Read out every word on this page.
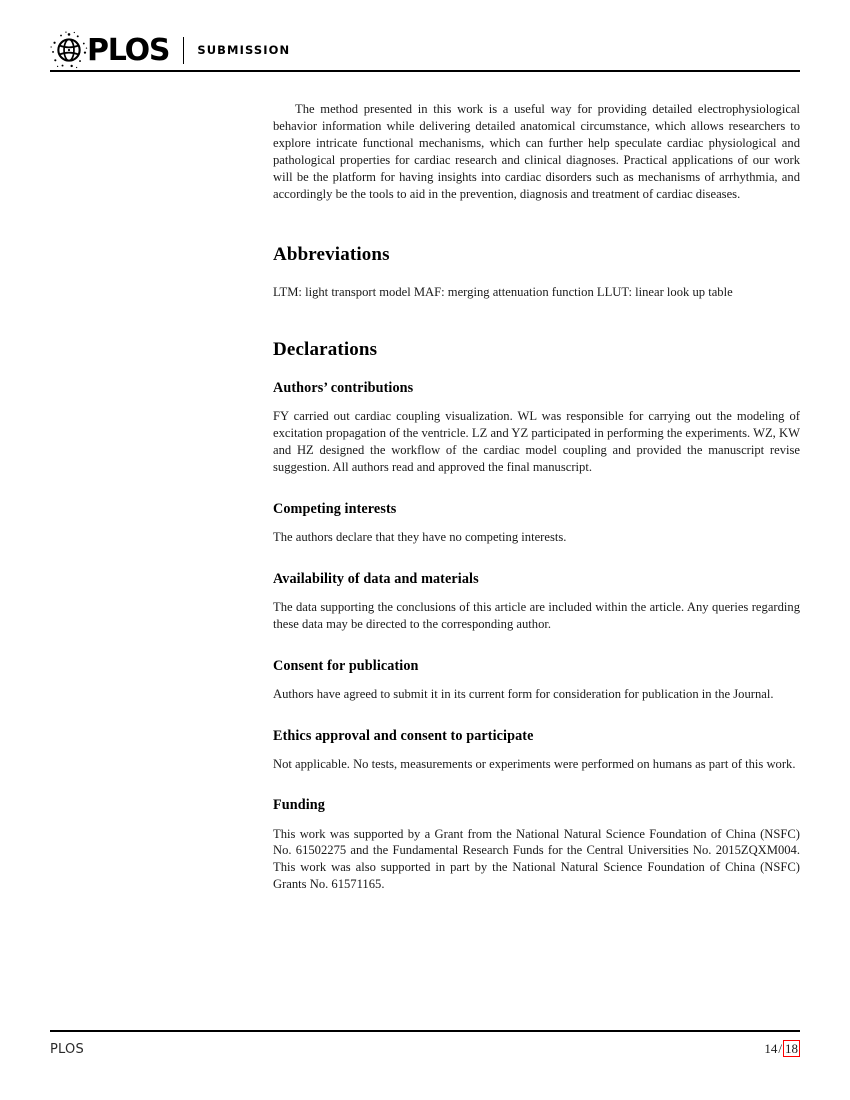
PLOS SUBMISSION

The method presented in this work is a useful way for providing detailed electrophysiological behavior information while delivering detailed anatomical circumstance, which allows researchers to explore intricate functional mechanisms, which can further help speculate cardiac physiological and pathological properties for cardiac research and clinical diagnoses. Practical applications of our work will be the platform for having insights into cardiac disorders such as mechanisms of arrhythmia, and accordingly be the tools to aid in the prevention, diagnosis and treatment of cardiac diseases.

Abbreviations

LTM: light transport model MAF: merging attenuation function LLUT: linear look up table

Declarations
Authors’ contributions

FY carried out cardiac coupling visualization. WL was responsible for carrying out the modeling of excitation propagation of the ventricle. LZ and YZ participated in performing the experiments. WZ, KW and HZ designed the workflow of the cardiac model coupling and provided the manuscript revise suggestion. All authors read and approved the final manuscript.

Competing interests

The authors declare that they have no competing interests.

Availability of data and materials

The data supporting the conclusions of this article are included within the article. Any queries regarding these data may be directed to the corresponding author.

Consent for publication

Authors have agreed to submit it in its current form for consideration for publication in the Journal.

Ethics approval and consent to participate

Not applicable. No tests, measurements or experiments were performed on humans as part of this work.

Funding

This work was supported by a Grant from the National Natural Science Foundation of China (NSFC) No. 61502275 and the Fundamental Research Funds for the Central Universities No. 2015ZQXM004. This work was also supported in part by the National Natural Science Foundation of China (NSFC) Grants No. 61571165.

PLOS	14 / 18
